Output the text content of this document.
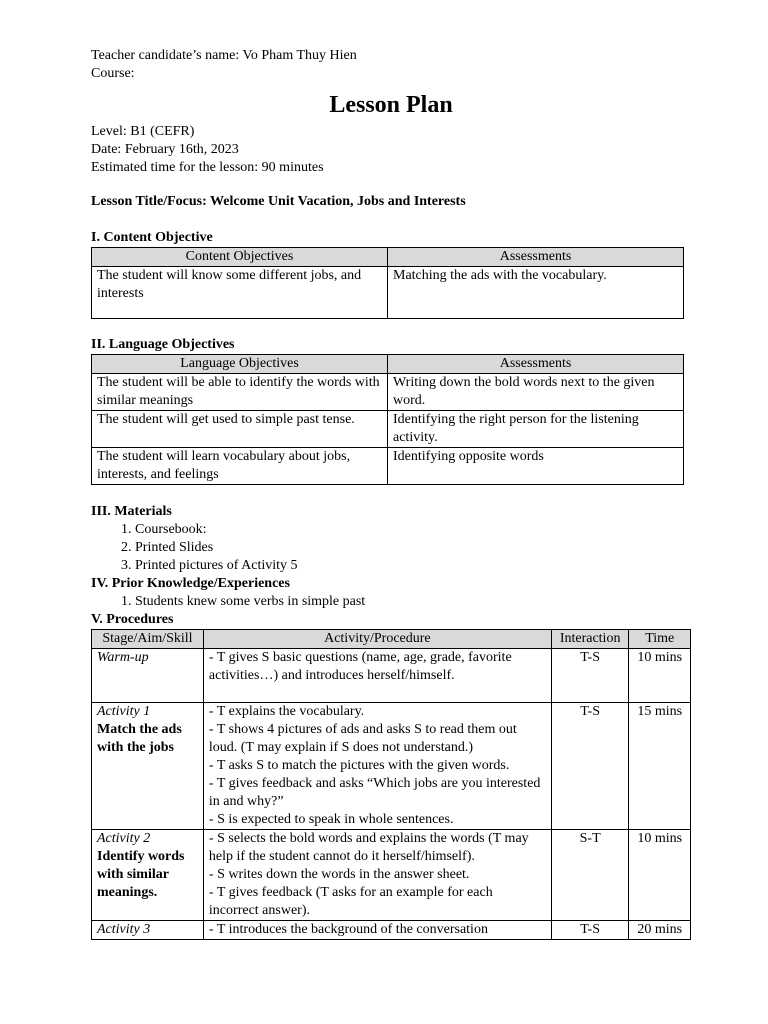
Teacher candidate’s name: Vo Pham Thuy Hien
Course:
Lesson Plan
Level: B1 (CEFR)
Date: February 16th, 2023
Estimated time for the lesson: 90 minutes
Lesson Title/Focus: Welcome Unit Vacation, Jobs and Interests
I. Content Objective
Content Objectives	Assessments
The student will know some different jobs, and interests	Matching the ads with the vocabulary.
II. Language Objectives
Language Objectives	Assessments
The student will be able to identify the words with similar meanings	Writing down the bold words next to the given word.
The student will get used to simple past tense.	Identifying the right person for the listening activity.
The student will learn vocabulary about jobs, interests, and feelings	Identifying opposite words
III. Materials
1. Coursebook:
2. Printed Slides
3. Printed pictures of Activity 5
IV. Prior Knowledge/Experiences
1. Students knew some verbs in simple past
V. Procedures
Stage/Aim/Skill	Activity/Procedure	Interaction	Time

Warm-up	- T gives S basic questions (name, age, grade, favorite activities…) and introduces herself/himself.	T-S	10 mins

Activity 1
Match the ads with the jobs	- T explains the vocabulary.
- T shows 4 pictures of ads and asks S to read them out loud. (T may explain if S does not understand.)
- T asks S to match the pictures with the given words.
- T gives feedback and asks “Which jobs are you interested in and why?”
- S is expected to speak in whole sentences.	T-S	15 mins

Activity 2
Identify words with similar meanings.	- S selects the bold words and explains the words (T may help if the student cannot do it herself/himself).
- S writes down the words in the answer sheet.
- T gives feedback (T asks for an example for each incorrect answer).	S-T	10 mins

Activity 3	- T introduces the background of the conversation	T-S	20 mins
